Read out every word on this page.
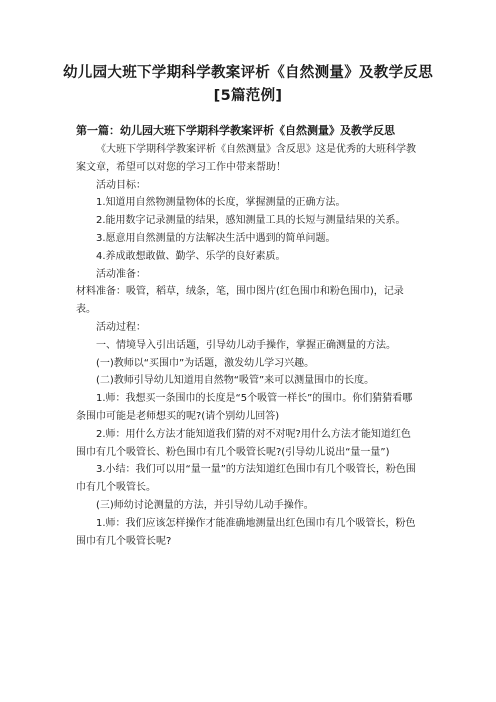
幼儿园大班下学期科学教案评析《自然测量》及教学反思[5篇范例]
第一篇：幼儿园大班下学期科学教案评析《自然测量》及教学反思

《大班下学期科学教案评析《自然测量》含反思》这是优秀的大班科学教案文章，希望可以对您的学习工作中带来帮助！

活动目标：

1.知道用自然物测量物体的长度，掌握测量的正确方法。

2.能用数字记录测量的结果，感知测量工具的长短与测量结果的关系。

3.愿意用自然测量的方法解决生活中遇到的简单问题。

4.养成敢想敢做、勤学、乐学的良好素质。

活动准备：

材料准备：吸管，稻草，绒条，笔，围巾图片(红色围巾和粉色围巾)，记录表。

活动过程：

一、情境导入引出话题，引导幼儿动手操作，掌握正确测量的方法。

(一)教师以“买围巾”为话题，激发幼儿学习兴趣。

(二)教师引导幼儿知道用自然物“吸管”来可以测量围巾的长度。

1.师：我想买一条围巾的长度是“5个吸管一样长”的围巾。你们猜猜看哪条围巾可能是老师想买的呢?(请个别幼儿回答)

2.师：用什么方法才能知道我们猜的对不对呢?用什么方法才能知道红色围巾有几个吸管长、粉色围巾有几个吸管长呢?(引导幼儿说出“量一量”)

3.小结：我们可以用“量一量”的方法知道红色围巾有几个吸管长，粉色围巾有几个吸管长。

(三)师幼讨论测量的方法，并引导幼儿动手操作。

1.师：我们应该怎样操作才能准确地测量出红色围巾有几个吸管长，粉色围巾有几个吸管长呢?
